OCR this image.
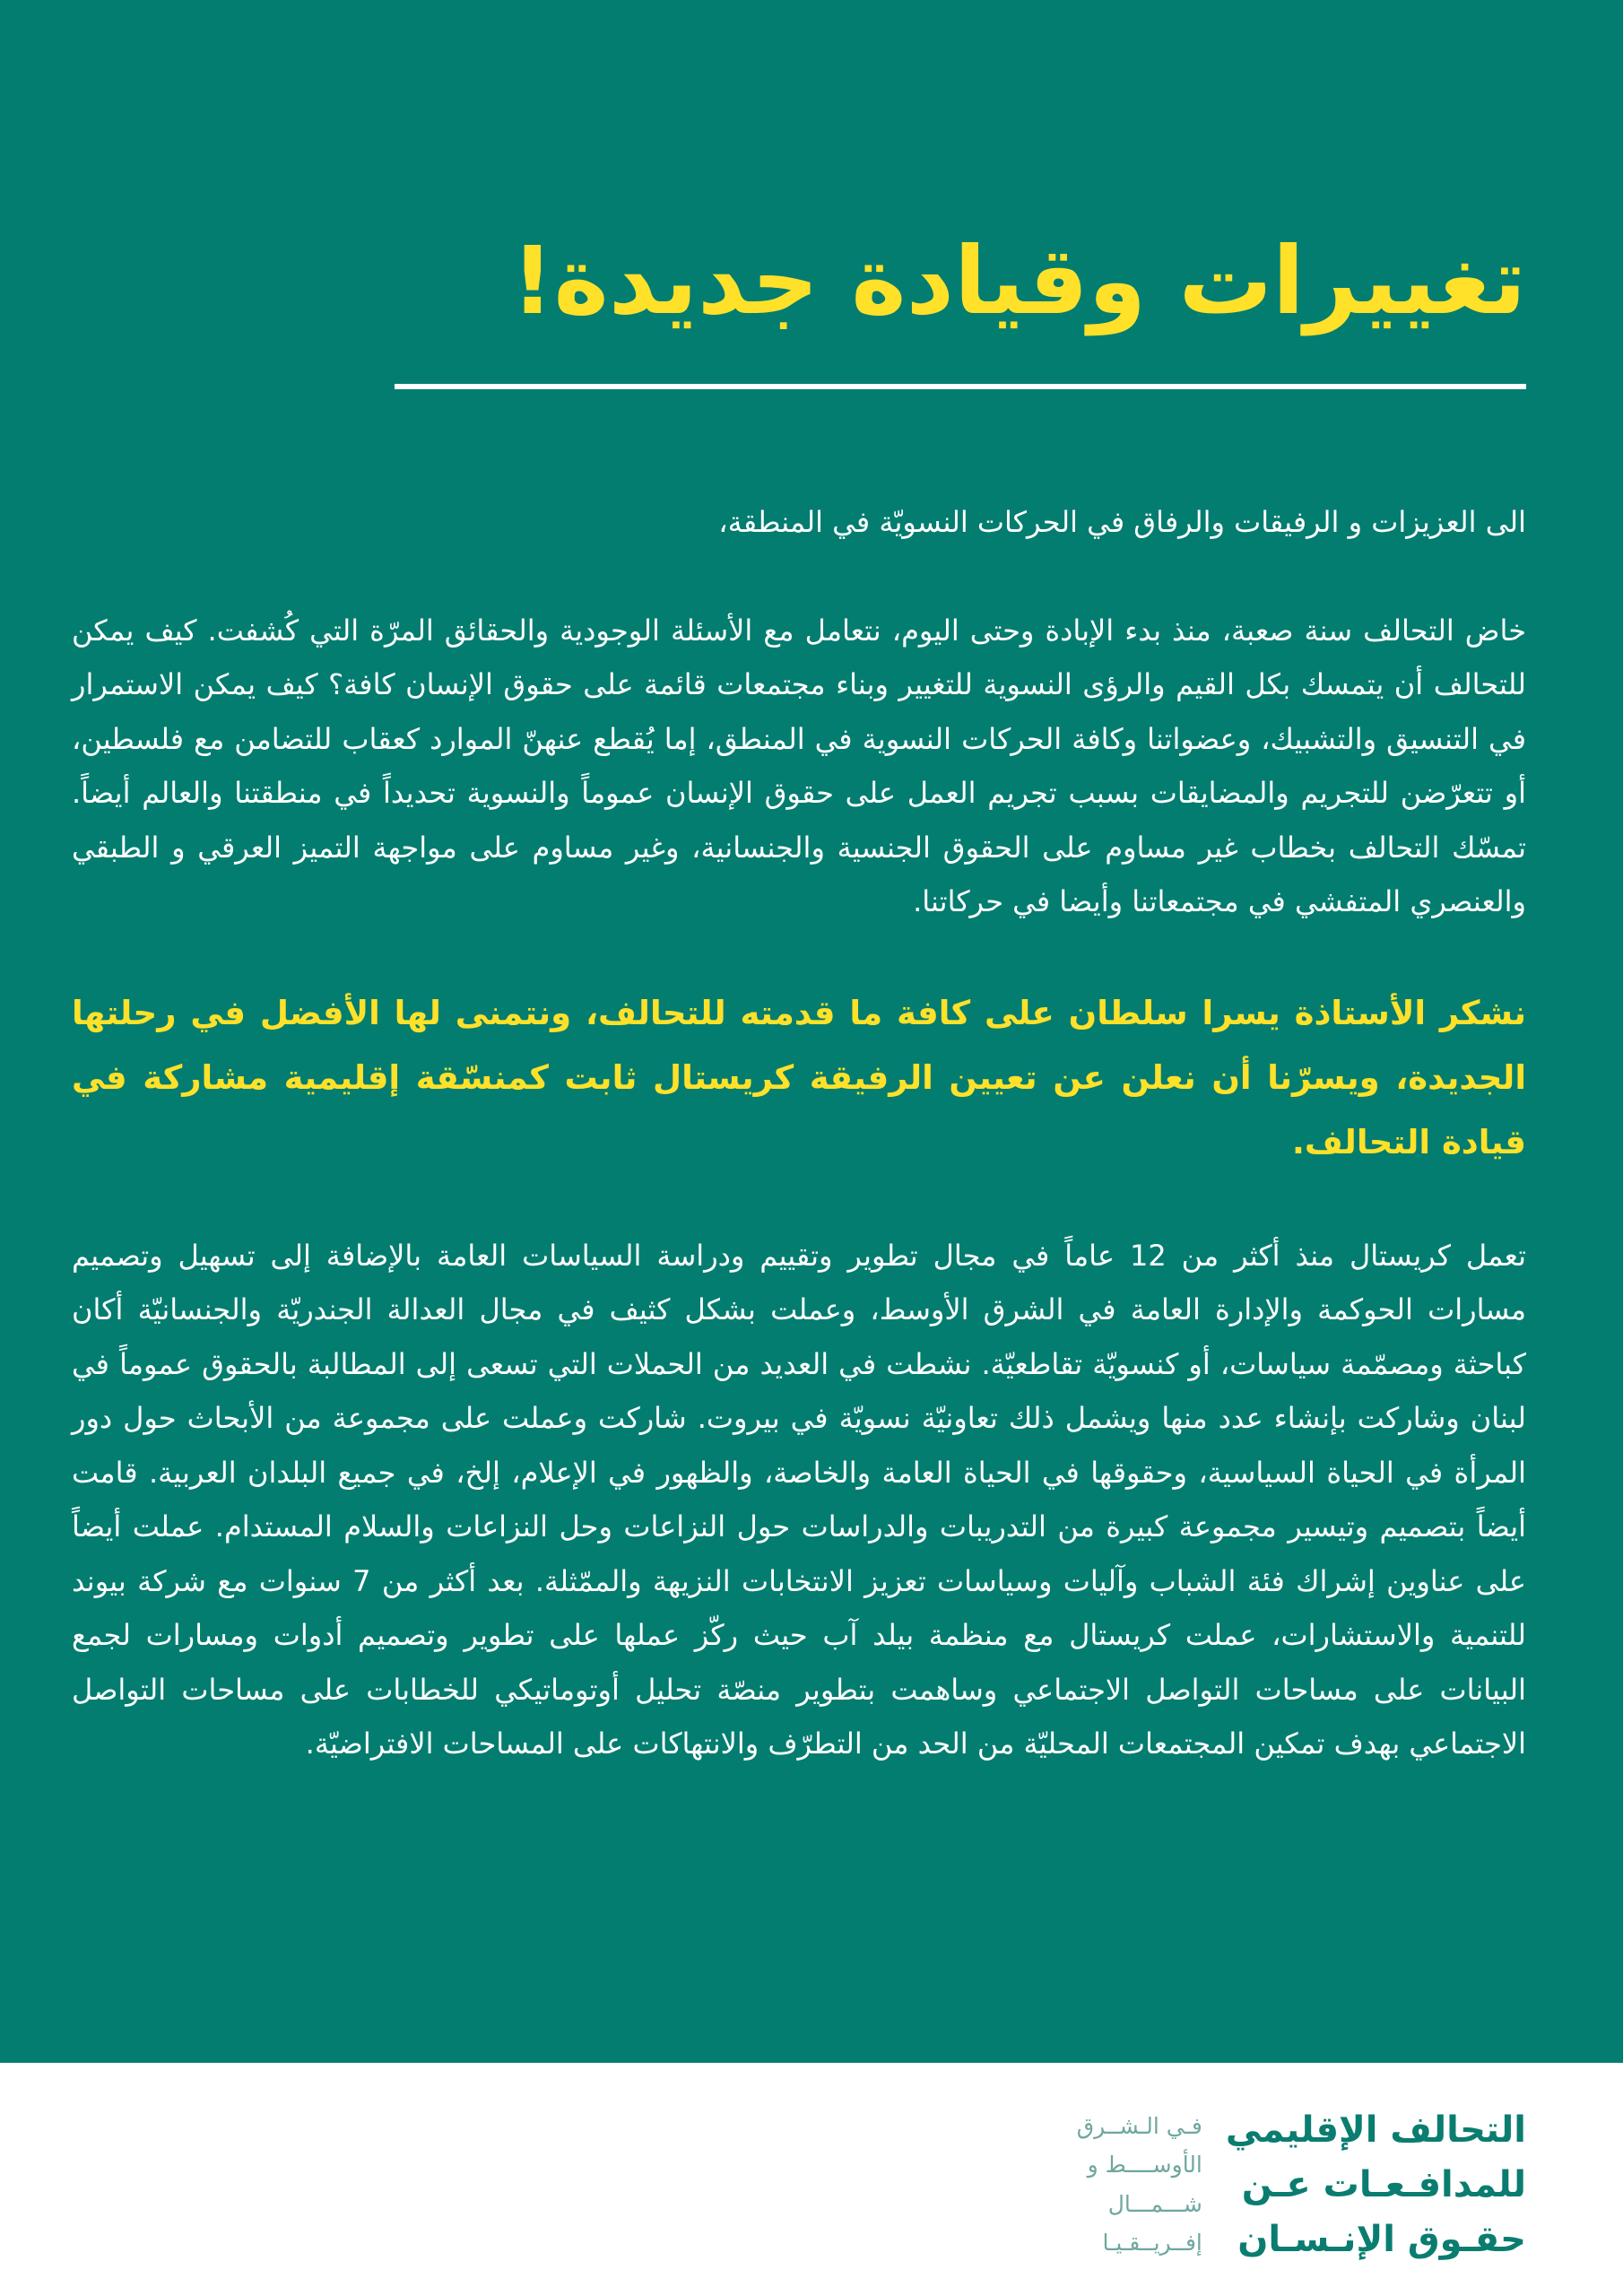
تغييرات وقيادة جديدة!

الى العزيزات و الرفيقات والرفاق في الحركات النسويّة في المنطقة،

خاض التحالف سنة صعبة، منذ بدء الإبادة وحتى اليوم، نتعامل مع الأسئلة الوجودية والحقائق المرّة التي كُشفت. كيف يمكن للتحالف أن يتمسك بكل القيم والرؤى النسوية للتغيير وبناء مجتمعات قائمة على حقوق الإنسان كافة؟ كيف يمكن الاستمرار في التنسيق والتشبيك، وعضواتنا وكافة الحركات النسوية في المنطق، إما يُقطع عنهنّ الموارد كعقاب للتضامن مع فلسطين، أو تتعرّضن للتجريم والمضايقات بسبب تجريم العمل على حقوق الإنسان عموماً والنسوية تحديداً في منطقتنا والعالم أيضاً. تمسّك التحالف بخطاب غير مساوم على الحقوق الجنسية والجنسانية، وغير مساوم على مواجهة التميز العرقي و الطبقي والعنصري المتفشي في مجتمعاتنا وأيضا في حركاتنا.

نشكر الأستاذة يسرا سلطان على كافة ما قدمته للتحالف، ونتمنى لها الأفضل في رحلتها الجديدة، ويسرّنا أن نعلن عن تعيين الرفيقة كريستال ثابت كمنسّقة إقليمية مشاركة في قيادة التحالف.

تعمل كريستال منذ أكثر من 12 عاماً في مجال تطوير وتقييم ودراسة السياسات العامة بالإضافة إلى تسهيل وتصميم مسارات الحوكمة والإدارة العامة في الشرق الأوسط، وعملت بشكل كثيف في مجال العدالة الجندريّة والجنسانيّة أكان كباحثة ومصمّمة سياسات، أو كنسويّة تقاطعيّة. نشطت في العديد من الحملات التي تسعى إلى المطالبة بالحقوق عموماً في لبنان وشاركت بإنشاء عدد منها ويشمل ذلك تعاونيّة نسويّة في بيروت. شاركت وعملت على مجموعة من الأبحاث حول دور المرأة في الحياة السياسية، وحقوقها في الحياة العامة والخاصة، والظهور في الإعلام، إلخ، في جميع البلدان العربية. قامت أيضاً بتصميم وتيسير مجموعة كبيرة من التدريبات والدراسات حول النزاعات وحل النزاعات والسلام المستدام. عملت أيضاً على عناوين إشراك فئة الشباب وآليات وسياسات تعزيز الانتخابات النزيهة والممّثلة. بعد أكثر من 7 سنوات مع شركة بيوند للتنمية والاستشارات، عملت كريستال مع منظمة بيلد آب حيث ركّز عملها على تطوير وتصميم أدوات ومسارات لجمع البيانات على مساحات التواصل الاجتماعي وساهمت بتطوير منصّة تحليل أوتوماتيكي للخطابات على مساحات التواصل الاجتماعي بهدف تمكين المجتمعات المحليّة من الحد من التطرّف والانتهاكات على المساحات الافتراضيّة.

التحالف الإقليمي
للمدافـعـات عـن
حقـوق الإنـسـان
فـي الـشــرق
الأوســــط و
شـــمـــال
إفــريــقـيـا
